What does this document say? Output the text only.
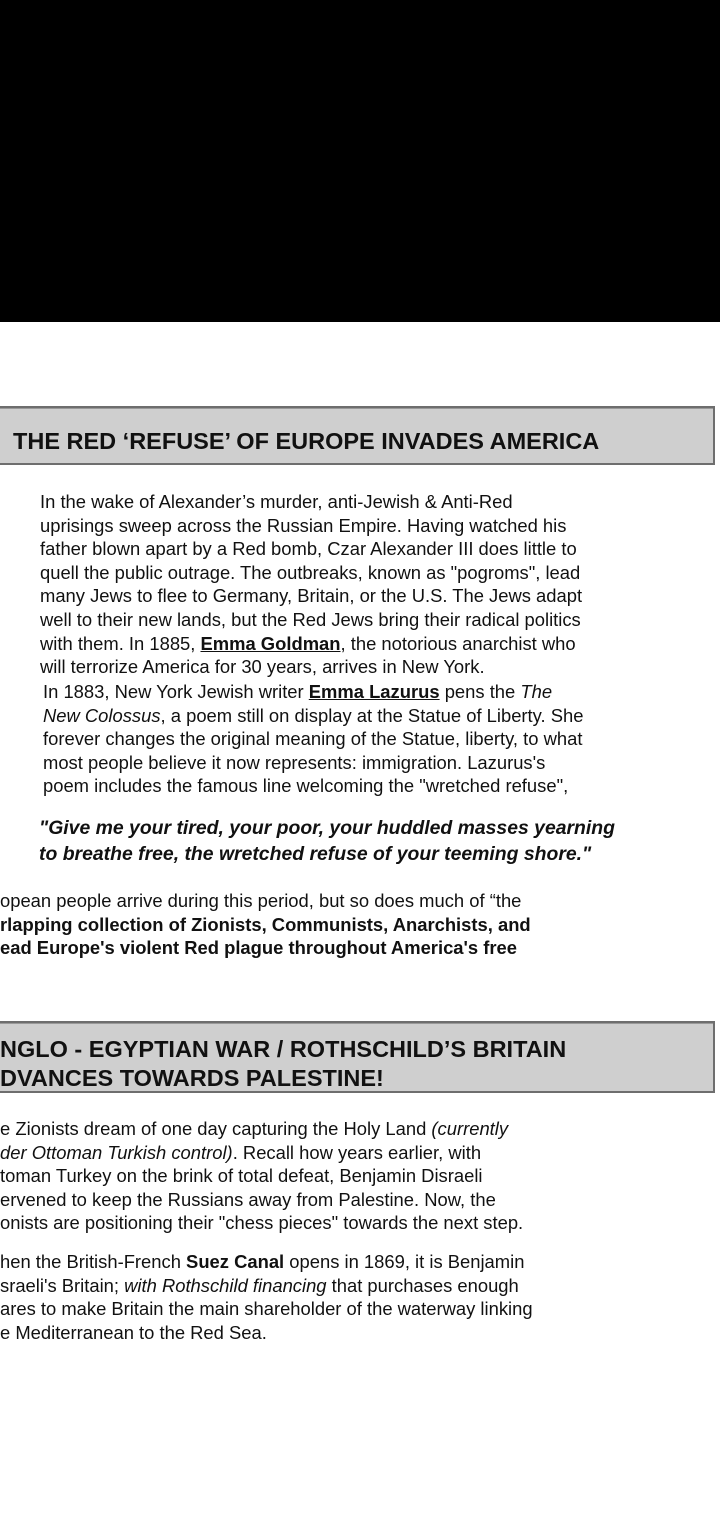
THE RED ‘REFUSE’ OF EUROPE INVADES AMERICA
In the wake of Alexander’s murder, anti-Jewish & Anti-Red
uprisings sweep across the Russian Empire. Having watched his
father blown apart by a Red bomb, Czar Alexander III does little to
quell the public outrage. The outbreaks, known as "pogroms", lead
many Jews to flee to Germany, Britain, or the U.S. The Jews adapt
well to their new lands, but the Red Jews bring their radical politics
with them. In 1885, Emma Goldman, the notorious anarchist who
will terrorize America for 30 years, arrives in New York.
In 1883, New York Jewish writer Emma Lazurus pens the The
New Colossus, a poem still on display at the Statue of Liberty. She
forever changes the original meaning of the Statue, liberty, to what
most people believe it now represents: immigration. Lazurus's
poem includes the famous line welcoming the "wretched refuse",
"Give me your tired, your poor, your huddled masses yearning
to breathe free, the wretched refuse of your teeming shore."
opean people arrive during this period, but so does much of “the
rlapping collection of Zionists, Communists, Anarchists, and
ead Europe's violent Red plague throughout America's free
NGLO - EGYPTIAN WAR / ROTHSCHILD’S BRITAIN
DVANCES TOWARDS PALESTINE!
e Zionists dream of one day capturing the Holy Land (currently
der Ottoman Turkish control). Recall how years earlier, with
toman Turkey on the brink of total defeat, Benjamin Disraeli
ervened to keep the Russians away from Palestine. Now, the
onists are positioning their "chess pieces" towards the next step.
hen the British-French Suez Canal opens in 1869, it is Benjamin
sraeli's Britain; with Rothschild financing that purchases enough
ares to make Britain the main shareholder of the waterway linking
e Mediterranean to the Red Sea.
